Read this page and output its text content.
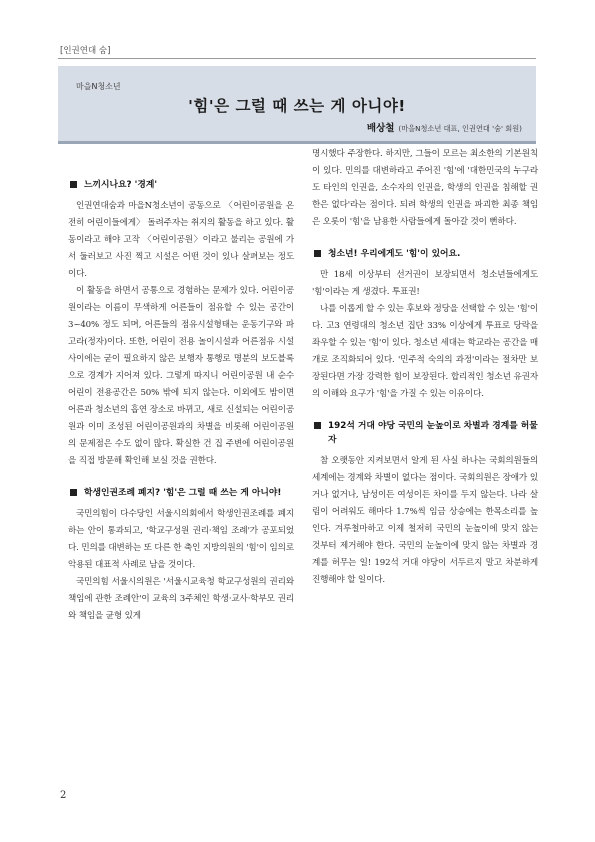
[인권연대 숨]
마을N청소년
'힘'은 그럴 때 쓰는 게 아니야!
배상철 (마을N청소년 대표, 인권연대 '숨' 회원)
느끼시나요? '경계'

인권연대숨과 마을N청소년이 공동으로 〈어린이공원을 온전히 어린이들에게〉 돌려주자는 취지의 활동을 하고 있다. 활동이라고 해야 고작 〈어린이공원〉이라고 불리는 공원에 가서 둘러보고 사진 찍고 시설은 어떤 것이 있나 살펴보는 정도이다.

이 활동을 하면서 공통으로 경험하는 문제가 있다. 어린이공원이라는 이름이 무색하게 어른들이 점유할 수 있는 공간이 3~40% 정도 되며, 어른들의 점유시설형태는 운동기구와 파고라(정자)이다. 또한, 어린이 전용 놀이시설과 어른점유 시설 사이에는 굳이 필요하지 않은 보행자 통행로 명분의 보도블록으로 경계가 지어져 있다. 그렇게 따지니 어린이공원 내 순수 어린이 전용공간은 50% 밖에 되지 않는다. 이외에도 밤이면 어른과 청소년의 흡연 장소로 바뀌고, 새로 신설되는 어린이공원과 이미 조성된 어린이공원과의 차별을 비롯해 어린이공원의 문제점은 수도 없이 많다. 확실한 건 집 주변에 어린이공원을 직접 방문해 확인해 보실 것을 권한다.

학생인권조례 폐지? '힘'은 그럴 때 쓰는 게 아니야!

국민의힘이 다수당인 서울시의회에서 학생인권조례를 폐지하는 안이 통과되고, '학교구성원 권리·책임 조례'가 공포되었다. 민의를 대변하는 또 다른 한 축인 지방의원의 '힘'이 임의로 악용된 대표적 사례로 남을 것이다.

국민의힘 서울시의원은 '서울시교육청 학교구성원의 권리와 책임에 관한 조례안'이 교육의 3주체인 학생·교사·학부모 권리와 책임을 균형 있게

명시했다 주장한다. 하지만, 그들이 모르는 최소한의 기본원칙이 있다. 민의를 대변하라고 주어진 '힘'에 '대한민국의 누구라도 타인의 인권을, 소수자의 인권을, 학생의 인권을 침해할 권한은 없다'라는 점이다. 되려 학생의 인권을 파괴한 최종 책임은 오롯이 '힘'을 남용한 사람들에게 돌아갈 것이 뻔하다.

청소년! 우리에게도 '힘'이 있어요.

만 18세 이상부터 선거권이 보장되면서 청소년들에게도 '힘'이라는 게 생겼다. 투표권!

나를 이롭게 할 수 있는 후보와 정당을 선택할 수 있는 '힘'이다. 고3 연령대의 청소년 집단 33% 이상에게 투표로 당락을 좌우할 수 있는 '힘'이 있다. 청소년 세대는 학교라는 공간을 매개로 조직화되어 있다. '민주적 숙의의 과정'이라는 절차만 보장된다면 가장 강력한 힘이 보장된다. 합리적인 청소년 유권자의 이해와 요구가 '힘'을 가질 수 있는 이유이다.

192석 거대 야당 국민의 눈높이로 차별과 경계를 허물자

참 오랫동안 지켜보면서 알게 된 사실 하나는 국회의원들의 세계에는 경계와 차별이 없다는 점이다. 국회의원은 장애가 있거나 없거나, 남성이든 여성이든 차이를 두지 않는다. 나라 살림이 어려워도 해마다 1.7%씩 임금 상승에는 한목소리를 높인다. 겨루철마하고 이제 철저히 국민의 눈높이에 맞지 않는 것부터 제거해야 한다. 국민의 눈높이에 맞지 않는 차별과 경계를 허무는 일! 192석 거대 야당이 서두르지 말고 차분하게 진행해야 할 일이다.

2
